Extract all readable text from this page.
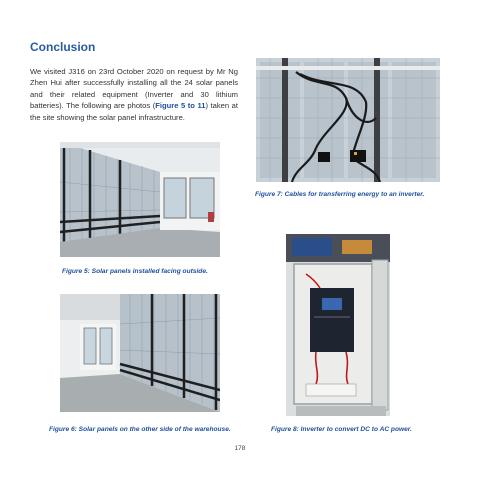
Conclusion

We visited J316 on 23rd October 2020 on request by Mr Ng Zhen Hui after successfully installing all the 24 solar panels and their related equipment (Inverter and 30 lithium batteries). The following are photos (Figure 5 to 11) taken at the site showing the solar panel infrastructure.

Figure 7: Cables for transferring energy to an inverter.
Figure 5: Solar panels installed facing outside.
Figure 8: Inverter to convert DC to AC power.
Figure 6: Solar panels on the other side of the warehouse.
178
